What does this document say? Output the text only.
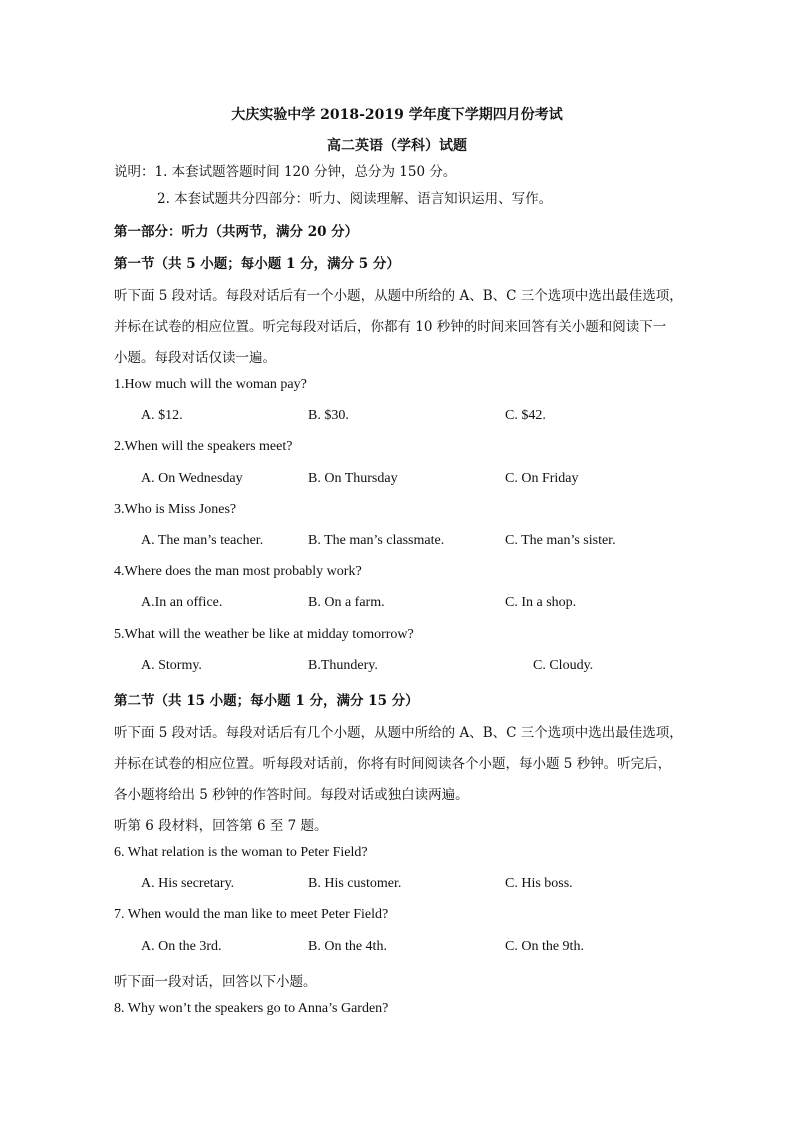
大庆实验中学 2018-2019 学年度下学期四月份考试
高二英语（学科）试题
说明：1. 本套试题答题时间 120 分钟，总分为 150 分。
2. 本套试题共分四部分：听力、阅读理解、语言知识运用、写作。
第一部分：听力（共两节，满分 20 分）
第一节（共 5 小题；每小题 1 分，满分 5 分）
听下面 5 段对话。每段对话后有一个小题，从题中所给的 A、B、C 三个选项中选出最佳选项，
并标在试卷的相应位置。听完每段对话后，你都有 10 秒钟的时间来回答有关小题和阅读下一
小题。每段对话仅读一遍。
1.How much will the woman pay?
A. $12.	B. $30.	C. $42.
2.When will the speakers meet?
A. On Wednesday	B. On Thursday	C. On Friday
3.Who is Miss Jones?
A. The man’s teacher.	B. The man’s classmate.	C. The man’s sister.
4.Where does the man most probably work?
A.In an office.	B. On a farm.	C. In a shop.
5.What will the weather be like at midday tomorrow?
A. Stormy.	B.Thundery.	C. Cloudy.
第二节（共 15 小题；每小题 1 分，满分 15 分）
听下面 5 段对话。每段对话后有几个小题，从题中所给的 A、B、C 三个选项中选出最佳选项，
并标在试卷的相应位置。听每段对话前，你将有时间阅读各个小题，每小题 5 秒钟。听完后，
各小题将给出 5 秒钟的作答时间。每段对话或独白读两遍。
听第 6 段材料，回答第 6 至 7 题。
6. What relation is the woman to Peter Field?
A. His secretary.	B. His customer.	C. His boss.
7. When would the man like to meet Peter Field?
A. On the 3rd.	B. On the 4th.	C. On the 9th.
听下面一段对话，回答以下小题。
8. Why won’t the speakers go to Anna’s Garden?
